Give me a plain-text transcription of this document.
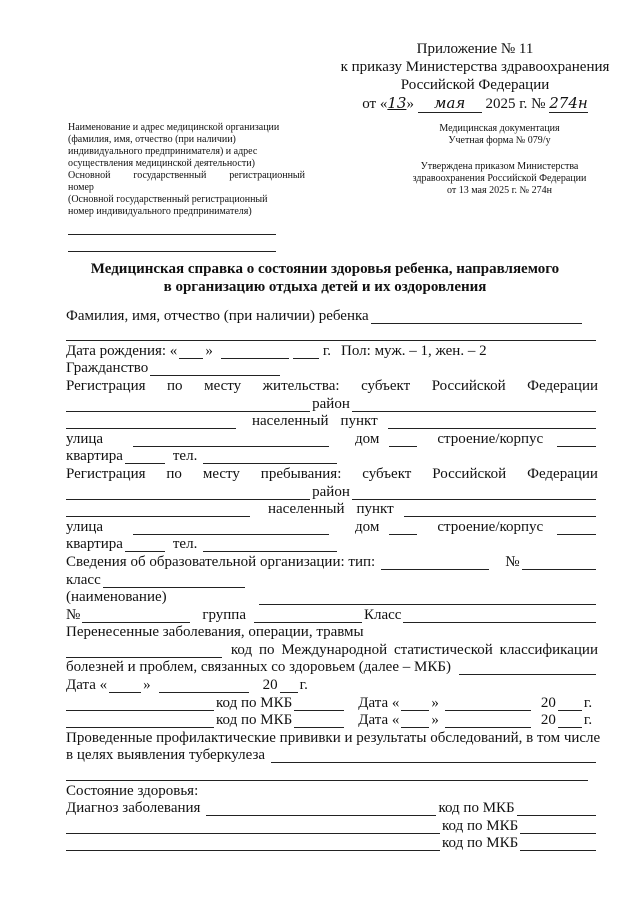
Приложение № 11
к приказу Министерства здравоохранения
Российской Федерации
от «13» мая 2025 г. № 274н
Наименование и адрес медицинской организации
(фамилия, имя, отчество (при наличии)
индивидуального предпринимателя) и адрес
осуществления медицинской деятельности)
Основной государственный регистрационный
номер
(Основной государственный регистрационный
номер индивидуального предпринимателя)
Медицинская документация
Учетная форма № 079/у
Утверждена приказом Министерства
здравоохранения Российской Федерации
от 13 мая 2025 г. № 274н
Медицинская справка о состоянии здоровья ребенка, направляемого
в организацию отдыха детей и их оздоровления
Фамилия, имя, отчество (при наличии) ребенка
Дата рождения: « »	г. Пол: муж. – 1, жен. – 2
Гражданство
Регистрация по месту жительства: субъект Российской Федерации
район
населенный пункт
улица	дом	строение/корпус
квартира	тел.
Регистрация по месту пребывания: субъект Российской Федерации
район
населенный пункт
улица	дом	строение/корпус
квартира	тел.
Сведения об образовательной организации: тип:	№
класс
(наименование)
№	группа	Класс
Перенесенные заболевания, операции, травмы
код по Международной статистической классификации
болезней и проблем, связанных со здоровьем (далее – МКБ)
Дата « »	20 г.
код по МКБ	Дата « »	20 г.
код по МКБ	Дата « »	20 г.
Проведенные профилактические прививки и результаты обследований, в том числе
в целях выявления туберкулеза
Состояние здоровья:
Диагноз заболевания	код по МКБ
код по МКБ
код по МКБ
